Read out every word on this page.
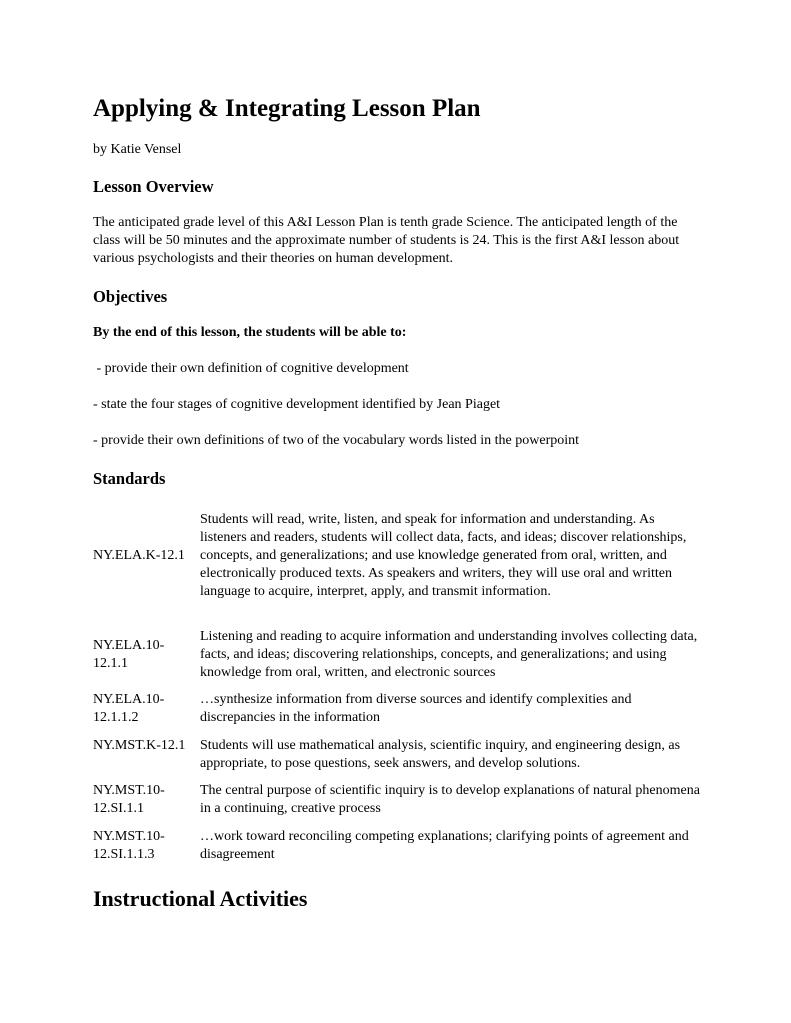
Applying & Integrating Lesson Plan

by Katie Vensel

Lesson Overview

The anticipated grade level of this A&I Lesson Plan is tenth grade Science. The anticipated length of the class will be 50 minutes and the approximate number of students is 24. This is the first A&I lesson about various psychologists and their theories on human development.

Objectives

By the end of this lesson, the students will be able to:

- provide their own definition of cognitive development

- state the four stages of cognitive development identified by Jean Piaget

- provide their own definitions of two of the vocabulary words listed in the powerpoint

Standards
NY.ELA.K-12.1
Students will read, write, listen, and speak for information and understanding. As listeners and readers, students will collect data, facts, and ideas; discover relationships, concepts, and generalizations; and use knowledge generated from oral, written, and electronically produced texts. As speakers and writers, they will use oral and written language to acquire, interpret, apply, and transmit information.
NY.ELA.10-12.1.1
Listening and reading to acquire information and understanding involves collecting data, facts, and ideas; discovering relationships, concepts, and generalizations; and using knowledge from oral, written, and electronic sources
NY.ELA.10-12.1.1.2
…synthesize information from diverse sources and identify complexities and discrepancies in the information
NY.MST.K-12.1 Students will use mathematical analysis, scientific inquiry, and engineering design, as appropriate, to pose questions, seek answers, and develop solutions.
NY.MST.10-12.SI.1.1
The central purpose of scientific inquiry is to develop explanations of natural phenomena in a continuing, creative process
NY.MST.10-12.SI.1.1.3
…work toward reconciling competing explanations; clarifying points of agreement and disagreement
Instructional Activities
